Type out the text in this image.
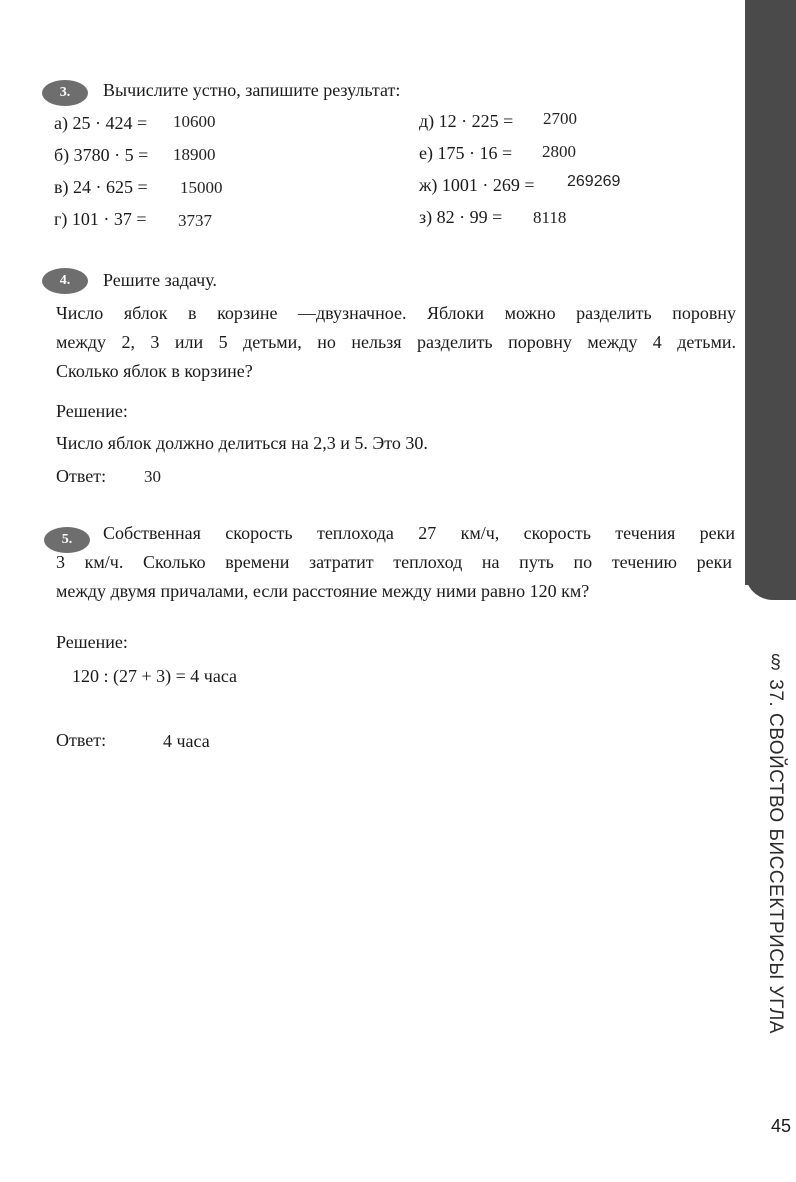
§ 37. СВОЙСТВО БИССЕКТРИСЫ УГЛА
3.	Вычислите устно, запишите результат:
а) 25 · 424 = 10600
б) 3780 · 5 = 18900
в) 24 · 625 = 15000
г) 101 · 37 = 3737
д) 12 · 225 = 2700
е) 175 · 16 = 2800
ж) 1001 · 269 = 269269
з) 82 · 99 = 8118
4.	Решите задачу.
Число яблок в корзине —двузначное. Яблоки можно разделить поровну
между 2, 3 или 5 детьми, но нельзя разделить поровну между 4 детьми.
Сколько яблок в корзине?
Решение:
Число яблок должно делиться на 2,3 и 5. Это 30.
Ответ: 30
5.	Собственная скорость теплохода 27 км/ч, скорость течения реки
3 км/ч. Сколько времени затратит теплоход на путь по течению реки
между двумя причалами, если расстояние между ними равно 120 км?
Решение:
120 : (27 + 3) = 4 часа
Ответ:	4 часа
45
